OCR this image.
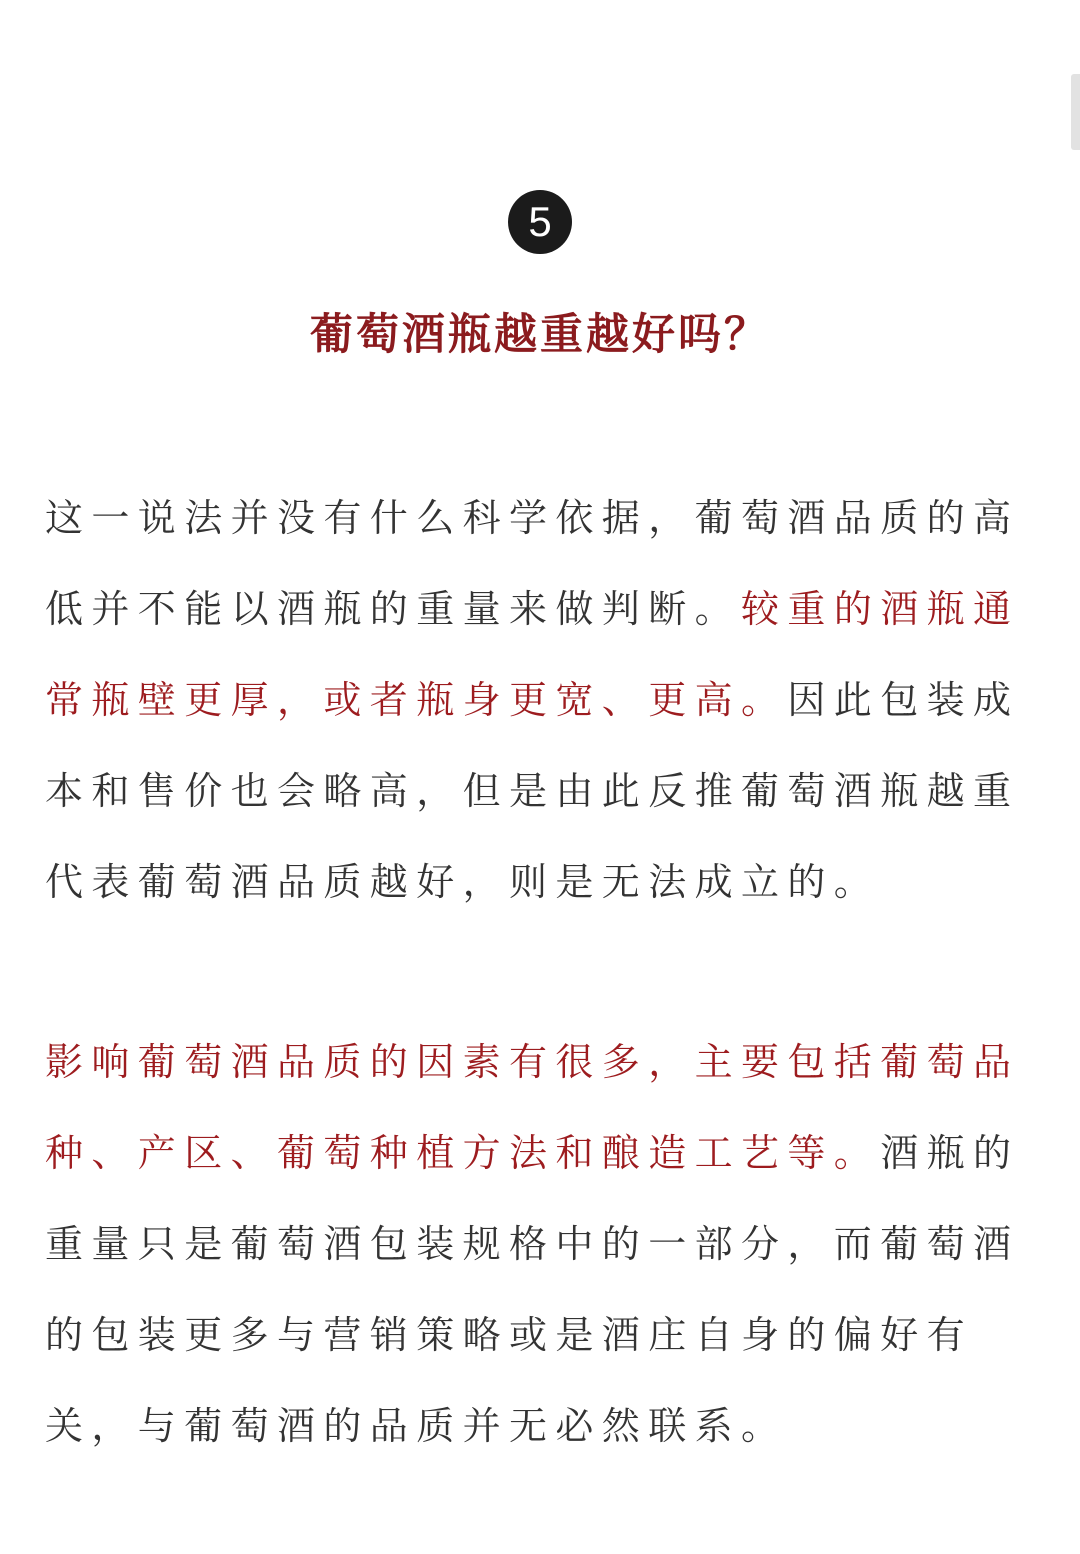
5
葡萄酒瓶越重越好吗？

这一说法并没有什么科学依据，葡萄酒品质的高
低并不能以酒瓶的重量来做判断。较重的酒瓶通
常瓶壁更厚，或者瓶身更宽、更高。因此包装成
本和售价也会略高，但是由此反推葡萄酒瓶越重
代表葡萄酒品质越好，则是无法成立的。

影响葡萄酒品质的因素有很多，主要包括葡萄品
种、产区、葡萄种植方法和酿造工艺等。酒瓶的
重量只是葡萄酒包装规格中的一部分，而葡萄酒
的包装更多与营销策略或是酒庄自身的偏好有
关，与葡萄酒的品质并无必然联系。
